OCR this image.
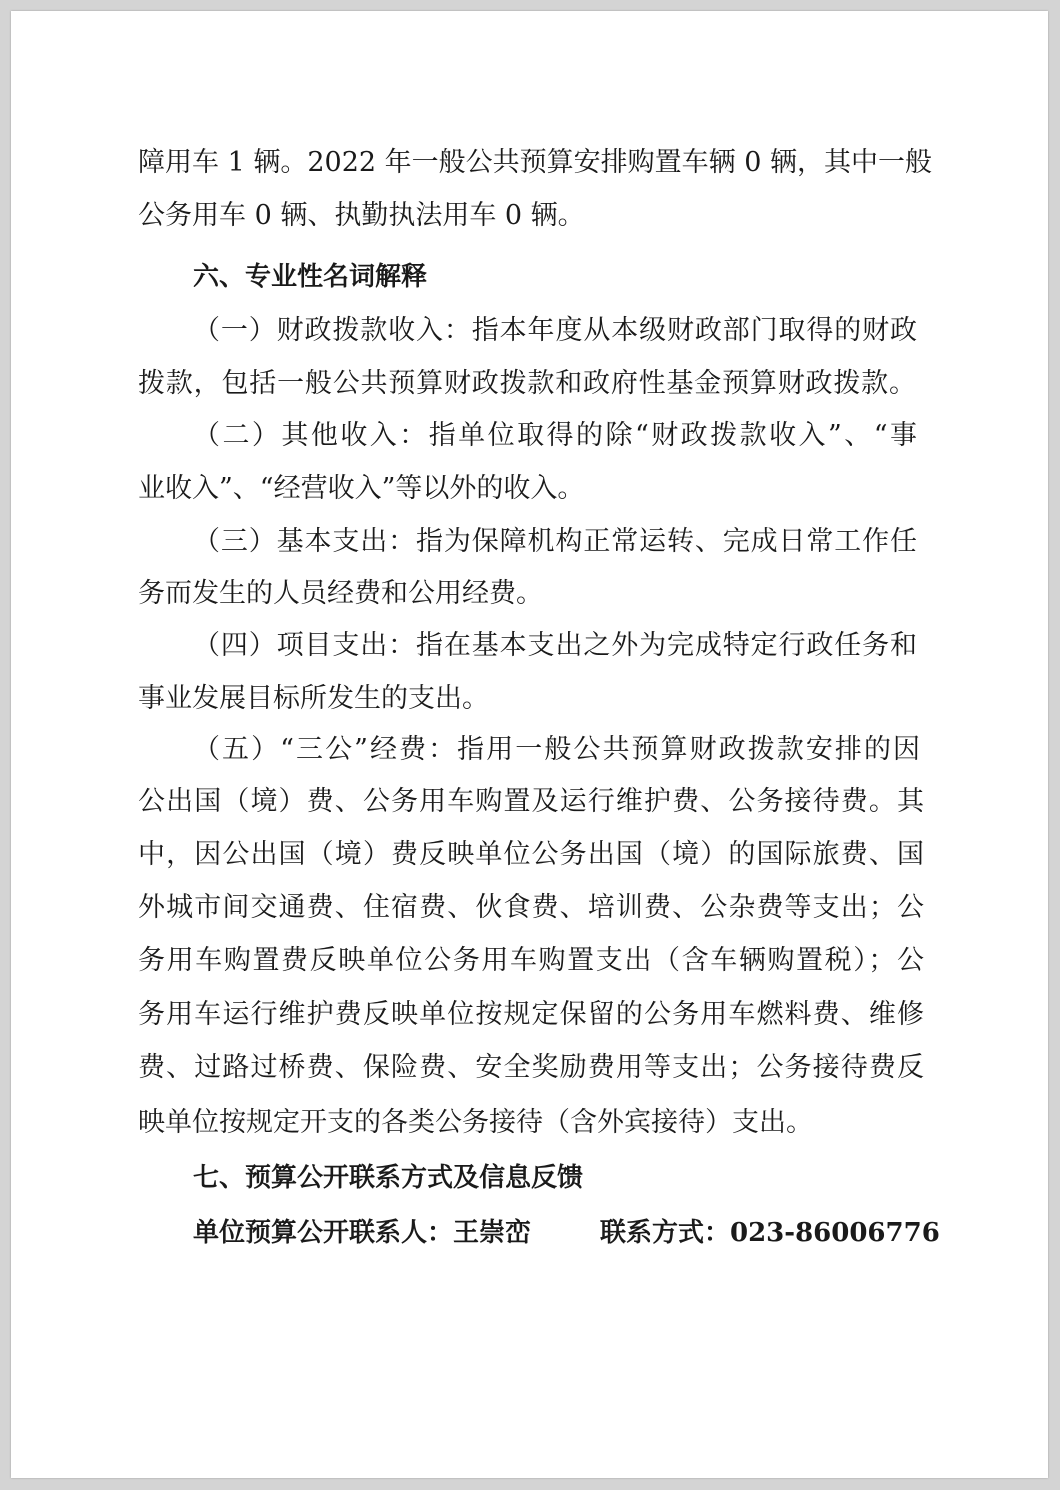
障用车 1 辆。2022 年一般公共预算安排购置车辆 0 辆，其中一般
公务用车 0 辆、执勤执法用车 0 辆。
六、专业性名词解释
（一）财政拨款收入：指本年度从本级财政部门取得的财政
拨款，包括一般公共预算财政拨款和政府性基金预算财政拨款。
（二）其他收入：指单位取得的除“财政拨款收入”、“事
业收入”、“经营收入”等以外的收入。
（三）基本支出：指为保障机构正常运转、完成日常工作任
务而发生的人员经费和公用经费。
（四）项目支出：指在基本支出之外为完成特定行政任务和
事业发展目标所发生的支出。
（五）“三公”经费：指用一般公共预算财政拨款安排的因
公出国（境）费、公务用车购置及运行维护费、公务接待费。其
中，因公出国（境）费反映单位公务出国（境）的国际旅费、国
外城市间交通费、住宿费、伙食费、培训费、公杂费等支出；公
务用车购置费反映单位公务用车购置支出（含车辆购置税）；公
务用车运行维护费反映单位按规定保留的公务用车燃料费、维修
费、过路过桥费、保险费、安全奖励费用等支出；公务接待费反
映单位按规定开支的各类公务接待（含外宾接待）支出。
七、预算公开联系方式及信息反馈
单位预算公开联系人：王崇峦	联系方式：023-86006776
